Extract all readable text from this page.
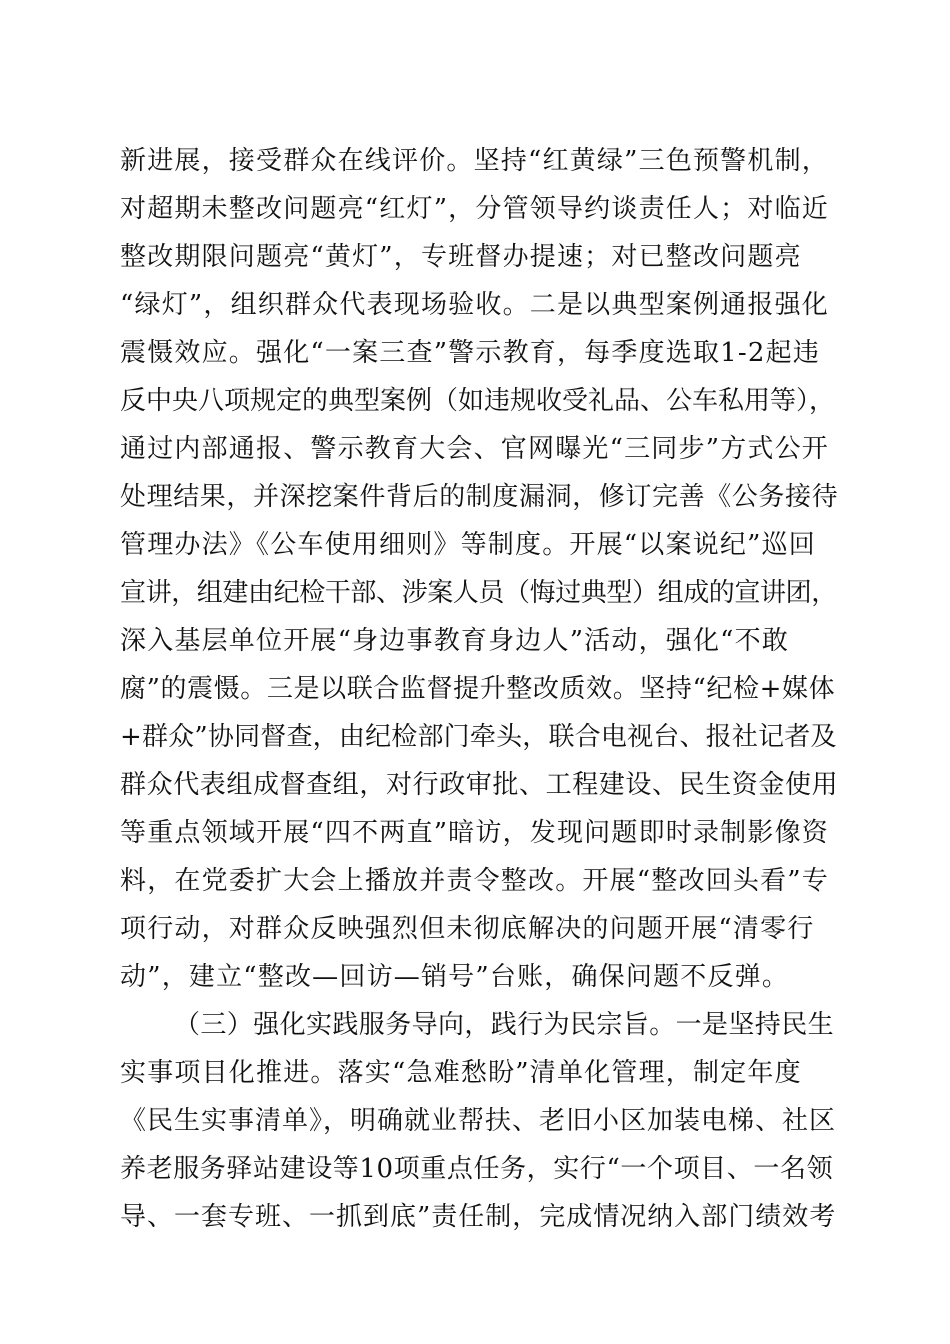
新进展，接受群众在线评价。坚持“红黄绿”三色预警机制，
对超期未整改问题亮“红灯”，分管领导约谈责任人；对临近
整改期限问题亮“黄灯”，专班督办提速；对已整改问题亮
“绿灯”，组织群众代表现场验收。二是以典型案例通报强化
震慑效应。强化“一案三查”警示教育，每季度选取1-2起违
反中央八项规定的典型案例（如违规收受礼品、公车私用等），
通过内部通报、警示教育大会、官网曝光“三同步”方式公开
处理结果，并深挖案件背后的制度漏洞，修订完善《公务接待
管理办法》《公车使用细则》等制度。开展“以案说纪”巡回
宣讲，组建由纪检干部、涉案人员（悔过典型）组成的宣讲团，
深入基层单位开展“身边事教育身边人”活动，强化“不敢
腐”的震慑。三是以联合监督提升整改质效。坚持“纪检+媒体
+群众”协同督查，由纪检部门牵头，联合电视台、报社记者及
群众代表组成督查组，对行政审批、工程建设、民生资金使用
等重点领域开展“四不两直”暗访，发现问题即时录制影像资
料，在党委扩大会上播放并责令整改。开展“整改回头看”专
项行动，对群众反映强烈但未彻底解决的问题开展“清零行
动”，建立“整改—回访—销号”台账，确保问题不反弹。
（三）强化实践服务导向，践行为民宗旨。一是坚持民生
实事项目化推进。落实“急难愁盼”清单化管理，制定年度
《民生实事清单》，明确就业帮扶、老旧小区加装电梯、社区
养老服务驿站建设等10项重点任务，实行“一个项目、一名领
导、一套专班、一抓到底”责任制，完成情况纳入部门绩效考
